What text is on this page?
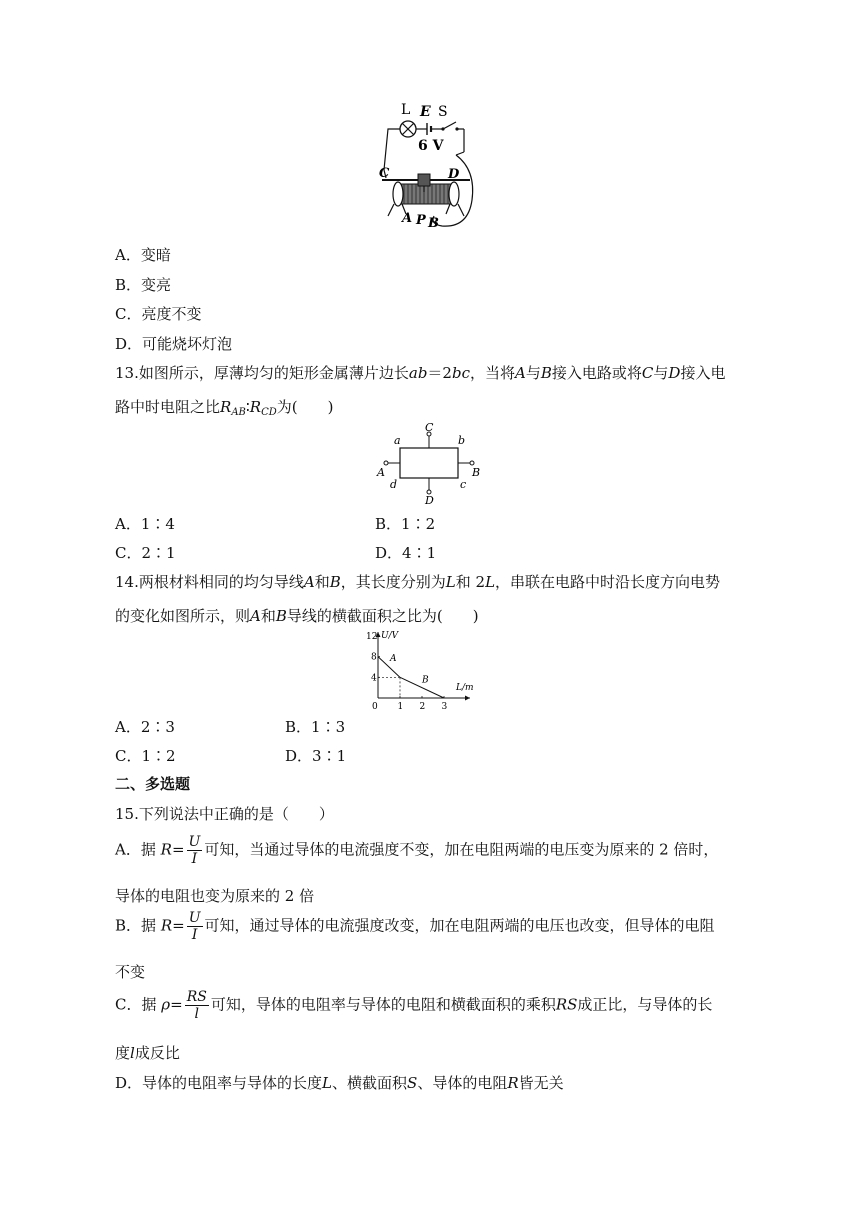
L E S
6 V
C	D
A P B
A．变暗
B．变亮
C．亮度不变
D．可能烧坏灯泡
13.如图所示，厚薄均匀的矩形金属薄片边长ab＝2bc，当将A与B接入电路或将C与D接入电路中时电阻之比$R_{AB}∶R_{CD}$为(　　)
C
D
A	B
a	b
c
d
A．1∶4	B．1∶2
C．2∶1	D．4∶1
14.两根材料相同的均匀导线A和B，其长度分别为L和 2L，串联在电路中时沿长度方向电势的变化如图所示，则A和B导线的横截面积之比为(　　)
0 1 2 3
4
8
12 U/V
L/m
A
B
A．2∶3	B．1∶3
C．1∶2	D．3∶1
二、多选题
15.下列说法中正确的是（　　）
A．据 $R= \frac{U}{I}$ 可知，当通过导体的电流强度不变，加在电阻两端的电压变为原来的 2 倍时，
导体的电阻也变为原来的 2 倍
B．据 $R= \frac{U}{I}$ 可知，通过导体的电流强度改变，加在电阻两端的电压也改变，但导体的电阻
不变
C．据 $\rho= \frac{RS}{l}$ 可知，导体的电阻率与导体的电阻和横截面积的乘积RS成正比，与导体的长
度l成反比
D．导体的电阻率与导体的长度L、横截面积S、导体的电阻R皆无关
